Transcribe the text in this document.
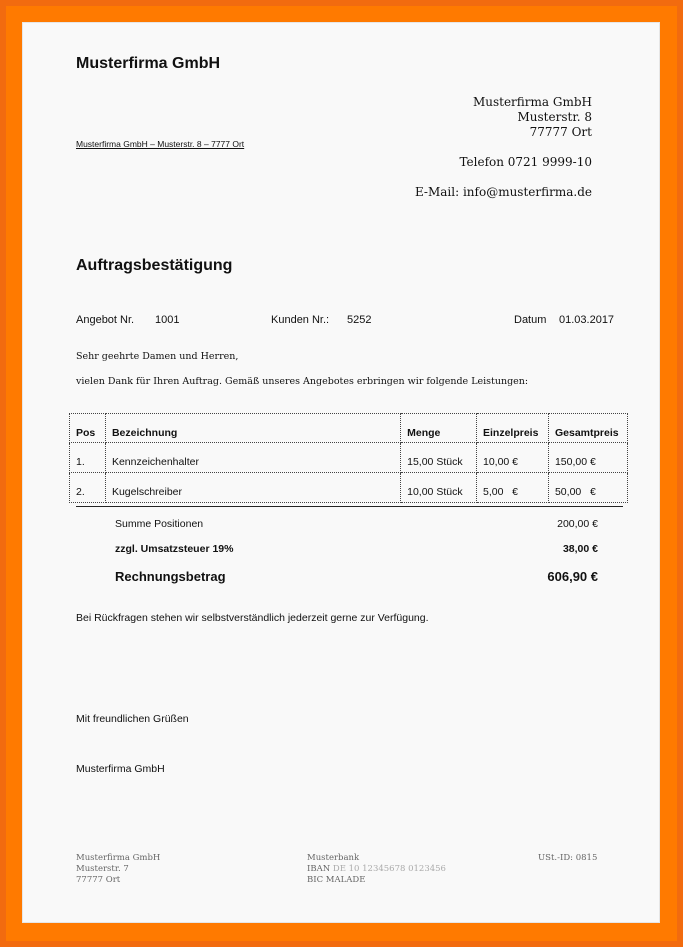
Musterfirma GmbH
Musterfirma GmbH
Musterstr. 8
77777 Ort
Telefon 0721 9999-10
E-Mail: info@musterfirma.de
Musterfirma GmbH – Musterstr. 8 – 7777 Ort
Auftragsbestätigung
Angebot Nr. 1001	Kunden Nr.: 5252	Datum 01.03.2017
Sehr geehrte Damen und Herren,
vielen Dank für Ihren Auftrag. Gemäß unseres Angebotes erbringen wir folgende Leistungen:
Pos	Bezeichnung	Menge	Einzelpreis	Gesamtpreis
1.	Kennzeichenhalter	15,00 Stück	10,00 €	150,00 €
2.	Kugelschreiber	10,00 Stück	5,00   €	50,00   €
Summe Positionen	200,00 €
zzgl. Umsatzsteuer 19%	38,00 €
Rechnungsbetrag	606,90 €
Bei Rückfragen stehen wir selbstverständlich jederzeit gerne zur Verfügung.
Mit freundlichen Grüßen
Musterfirma GmbH
Musterfirma GmbH
Musterstr. 7
77777 Ort
Musterbank
IBAN DE 10 12345678 0123456
BIC MALADE
USt.-ID: 0815
